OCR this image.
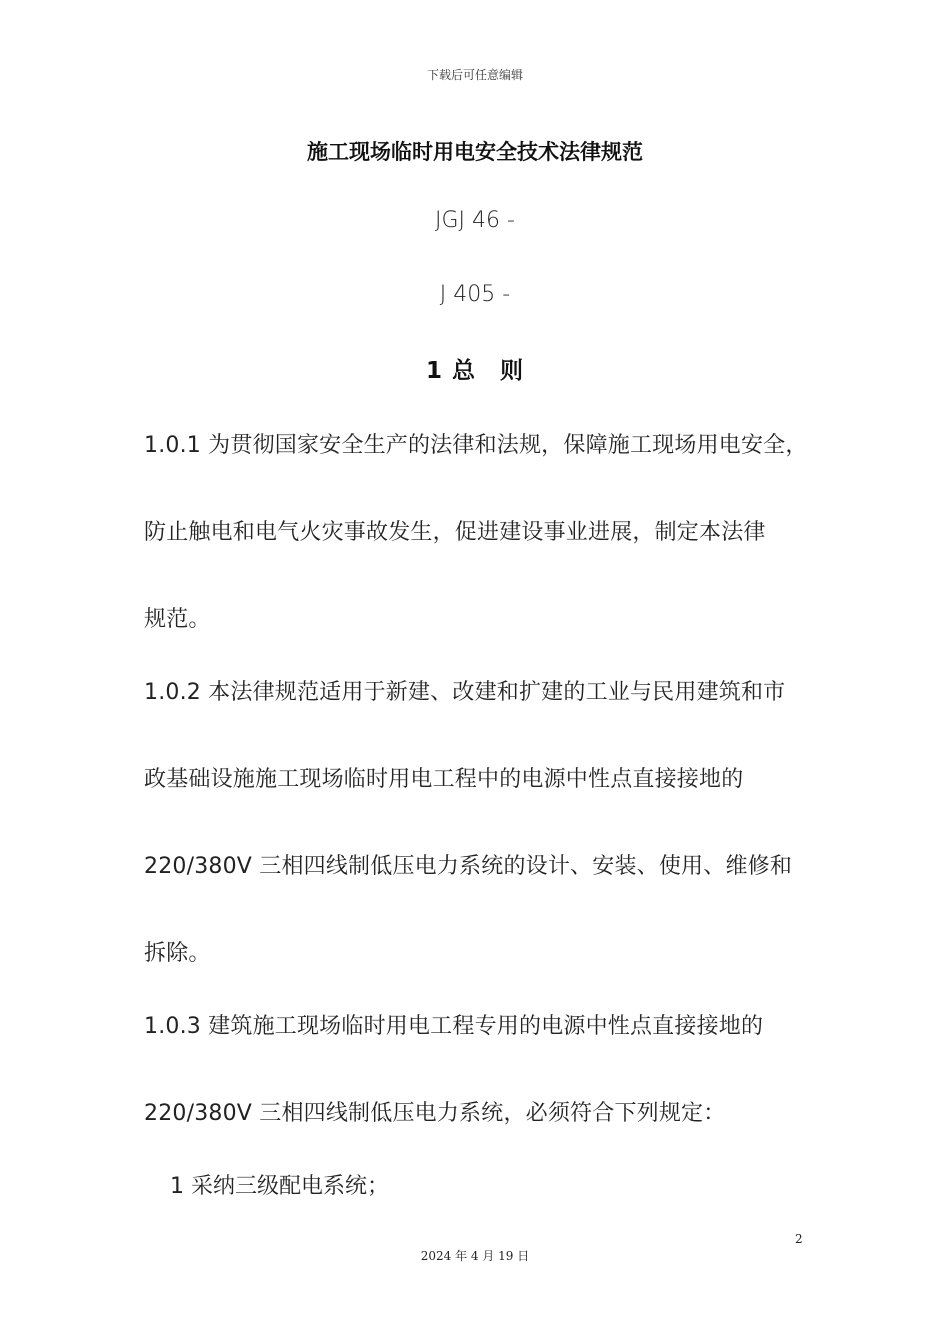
下载后可任意编辑
施工现场临时用电安全技术法律规范
JGJ 46 -
J 405 -
1 总　则
1.0.1 为贯彻国家安全生产的法律和法规，保障施工现场用电安全，
防止触电和电气火灾事故发生，促进建设事业进展，制定本法律
规范。
1.0.2 本法律规范适用于新建、改建和扩建的工业与民用建筑和市
政基础设施施工现场临时用电工程中的电源中性点直接接地的
220/380V 三相四线制低压电力系统的设计、安装、使用、维修和
拆除。
1.0.3 建筑施工现场临时用电工程专用的电源中性点直接接地的
220/380V 三相四线制低压电力系统，必须符合下列规定：
1 采纳三级配电系统；
2
2024 年 4 月 19 日
